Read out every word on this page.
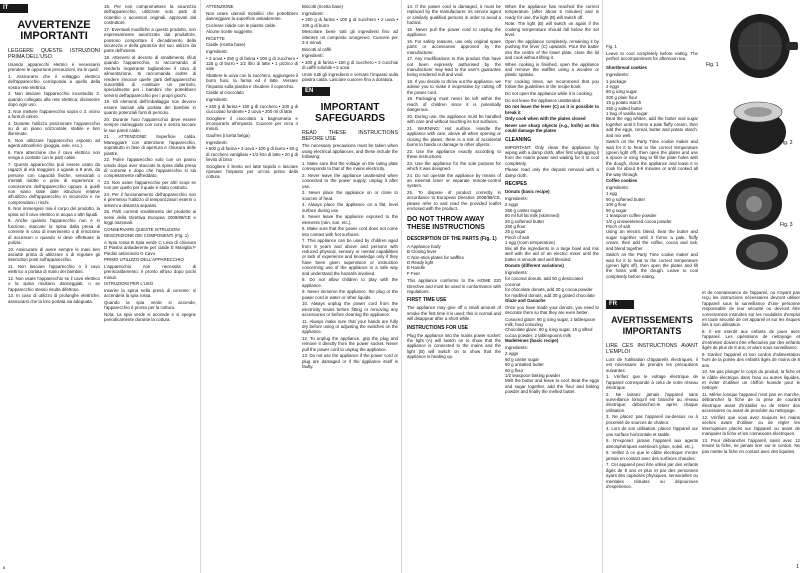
IT
AVVERTENZE IMPORTANTI
LEGGERE QUESTE ISTRUZIONI PRIMA DELL'USO.
Usando apparecchi elettrici è necessario prendere le opportune precauzioni, tra le quali:
1. Assicurarsi che il voltaggio elettrico dell'apparecchio corrisponda a quello della vostra rete elettrica.
2. Non lasciare l'apparecchio incustodito 2. quando collegato alla rete elettrica; disinserire dopo ogni uso.
3. Non mettere l'apparecchio sopra o 3. vicino a fonti di calore.
4. Durante l'utilizzo posizionare l'apparecchio su di un piano orizzontale, stabile e ben illuminato.
5. Non utilizzare l'apparecchio esposto ad agenti atmosferici (pioggia, sole, ecc.).
6. Fare attenzione che il cavo elettrico non venga a contatto con le parti calde.
7. Questo apparecchio può essere usato da ragazzi di età maggiore o uguale a 8 anni, da persone con capacità fisiche, sensoriali o mentali ridotte o prive di esperienza o conoscenza dell'apparecchio oppure a quelli non siano state date istruzioni relative all'utilizzo dell'apparecchio in sicurezza e ne comprendano i rischi.
8. Non immergere mai il corpo del prodotto, la spina ed il cavo elettrico in acqua o altri liquidi.
9. Anche quando l'apparecchio non è in funzione, staccare la spina dalla presa di corrente in caso di inserimento o di rimozione di accessori o quando si deve effettuare la pulizia.
10. Assicurarsi di avere sempre le mani ben asciutte prima di utilizzare o di regolare gli interruttori posti sull'apparecchio.
11. Non lasciare l'apparecchio o il cavo elettrico a portata di mano dei bambini.
12. Non usare l'apparecchio se il cavo elettrico o la spina risultano danneggiati, o se l'apparecchio stesso risulta difettoso.
13. In caso di utilizzo di prolunghe elettriche, assicurarsi che la loro portata sia adeguata.
16. Per non compromettere la sicurezza dell'apparecchio, utilizzare solo parti di ricambio o accessori originali, approvati dal costruttore.
17. Eventuali modifiche a questo prodotto, non espressamente autorizzate dal produttore, possono comportare il decadimento della sicurezza e della garanzia del suo utilizzo da parte dell'utente.
18. Attenersi al decreto di smaltimento rifiuti quando l'apparecchio, si raccomanda di renderlo inoperante tagliandone il cavo di alimentazione. Si raccomanda inoltre di rendere innocue quelle parti dell'apparecchio suscettibili di costituire un pericolo, specialmente per i bambini che potrebbero servirsi dell'apparecchio per i propri giochi.
19. Gli elementi dell'imballaggio non devono essere lasciati alla portata dei bambini in quanto potenziali fonti di pericolo.
20. Durante l'uso l'apparecchio deve essere sempre maneggiato con cura e senza toccare le sue pareti calde.
21. ATTENZIONE: Superficie calda. Maneggiare con attenzione l'apparecchio, soprattutto in fase di apertura e chiusura delle piastre.
22. Pulire l'apparecchio solo con un panno umido dopo aver staccato la spina dalla presa di corrente e dopo che l'apparecchio si sia completamente raffreddato.
23. Non usare l'apparecchio per altri scopi se non per quello per il quale è stato costruito.
24. Per il funzionamento dell'apparecchio non è permesso l'utilizzo di temporizzatori esterni o sistemi a distanza separati.
25. Parti correnti smaltimento del prodotto ai sensi della Direttiva Europea 2008/98/CE e leggi nazionali.
CONSERVARE QUESTE ISTRUZIONI
DESCRIZIONE DEI COMPONENTI (Fig. 1)
A Spia rossa B Spia verde C Leva di chiusura D Piastra antiaderente per cialde E Maniglia F Piedini antiscivolo G Cavo
PRIMO UTILIZZO DELL'APPARECCHIO
L'apparecchio non necessita di preriscaldamento: è pronto all'uso dopo pochi minuti.
ISTRUZIONI PER L'USO
Inserire la spina nella presa di corrente: si accenderà la spia rossa.
Quando la spia verde si accende, l'apparecchio è pronto per la cottura.
Nota: La spia verde si accende e si spegne periodicamente durante la cottura.
8
ATTENZIONE
Non usare utensili metallici che potrebbero danneggiare la superficie antiaderente.
Cucinare cialde con le piastre calde.
Alcune ricette suggerite.
RICETTE
Cialde (ricetta base)
Ingredienti:
• 3 uova • 250 g di farina • 100 g di zucchero • 125 g di burro • 1/2 litro di latte • 1 pizzico di sale
Sbattere le uova con lo zucchero, aggiungere il burro fuso, la farina ed il latte. Versare l'impasto sulla piastra e chiudere il coperchio.
Cialde al cioccolato
Ingredienti:
• 250 g di farina • 150 g di zucchero • 100 g di cioccolato fondente • 2 uova • 200 ml di latte
Sciogliere il cioccolato a bagnomaria e incorporarlo all'impasto. Cuocere per circa 4 minuti.
Gaufres (ricetta belga)
Ingredienti:
• 500 g di farina • 3 uova • 100 g di burro • 50 g di zucchero vanigliato • 1/2 litro di latte • 20 g di lievito di birra
Sciogliere il lievito nel latte tiepido e lasciare riposare l'impasto per un'ora prima della cottura.
Biscotti (ricetta base)
Ingredienti:
• 200 g di farina • 100 g di zucchero • 2 uova • 100 g di burro
Mescolare bene tutti gli ingredienti fino ad ottenere un composto omogeneo. Cuocere per 3-4 minuti.
Biscotti al caffè
Ingredienti:
• 300 g di farina • 150 g di zucchero • 2 cucchiai di caffè solubile • 3 uova
Unire tutti gli ingredienti e versare l'impasto sulla piastra calda. Lasciare cuocere fino a doratura.
EN
IMPORTANT SAFEGUARDS
READ THESE INSTRUCTIONS BEFORE USE
The necessary precautions must be taken when using electrical appliances, and these include the following:
1. Make sure that the voltage on the rating plate corresponds to that of the mains electricity.
2. Never leave the appliance unattended when connected to the power supply; unplug it after use.
3. Never place the appliance on or close to sources of heat.
4. Always place the appliance on a flat, level surface during use.
5. Never leave the appliance exposed to the elements (rain, sun, etc.).
6. Make sure that the power cord does not come into contact with hot surfaces.
7. This appliance can be used by children aged from 8 years and above and persons with reduced physical, sensory or mental capabilities or lack of experience and knowledge only if they have been given supervision or instruction concerning use of the appliance in a safe way and understand the hazards involved.
8. Do not allow children to play with the appliance.
9. Never immerse the appliance, the plug or the power cord in water or other liquids.
10. Always unplug the power cord from the electricity mains before fitting or removing any accessories or before cleaning the appliance.
11. Always make sure that your hands are fully dry before using or adjusting the switches on the appliance.
12. To unplug the appliance, grip the plug and remove it directly from the power socket. Never pull the power cord to unplug the appliance.
13. Do not use the appliance if the power cord or plug are damaged or if the appliance itself is faulty.
14. If the power cord is damaged, it must be replaced by the manufacturer, its service agent or similarly qualified persons in order to avoid a hazard.
15. Never pull the power cord to unplug the appliance.
16. For safety reasons, use only original spare parts or accessories approved by the manufacturer.
17. Any modifications to this product that have not been expressly authorised by the manufacturer may lead to the user's guarantee being rendered null and void.
18. If you decide to throw out the appliance, we advise you to make it inoperative by cutting off the power cord.
19. Packaging must never be left within the reach of children since it is potentially dangerous.
20. During use, the appliance must be handled with care and without touching its hot surfaces.
21. WARNING: Hot surface. Handle the appliance with care, above all when opening or closing the plates; there is a risk of accidental burns to hands or damage to other objects.
22. Use the appliance exactly according to these instructions.
23. Use the appliance for the sole purpose for which it was designed.
24. Do not operate the appliance by means of an external timer or separate remote-control system.
25. To dispose of product correctly in accordance to European Directive 2008/98/CE, please refer to and read the provided leaflet enclosed with the product.
DO NOT THROW AWAY THESE INSTRUCTIONS
DESCRIPTION OF THE PARTS (Fig. 1)
A Appliance body
B Closing lever
C Non-stick plates for waffles
D Ready light
E Handle
F Feet
This appliance conforms to the HOME 220 Directive and must be used in conformance with regulations.
FIRST TIME USE
The appliance may give off a small amount of smoke the first time it is used; this is normal and will disappear after a short while.
INSTRUCTIONS FOR USE
Plug the appliance into the mains power socket: the light (A) will switch on to show that the appliance is connected to the mains and the light (B) will switch on to show that the appliance is heating up.
When the appliance has reached the correct temperature (after about 5 minutes) and is ready for use, the light (B) will switch off.
Note: The light (B) will switch on again if the cooking temperature should fall below the set level.
Open the appliance completely, remaining it by pushing the lever (C) upwards. Pour the batter into the centre of the lower plate, close the lid and cook without lifting it.
When cooking is finished, open the appliance and remove the waffles using a wooden or plastic spatula.
For cooking times, we recommend that you follow the guidelines in the recipe book.
Do not open the appliance while it is cooking.
Do not leave the appliance unattended.
Do not leave the lever (C) as it is possible to break it
Only cook when with the plates closed
Never use sharp objects (e.g., knife) as this could damage the plates
CLEANING
IMPORTANT: Only clean the appliance by wiping with a damp cloth, after first unplugging it from the mains power and waiting for it to cool completely.
Please read only the deposit removal with a damp cloth.
RECIPES
Donuts (basic recipe)
Ingredients:
2 eggs
250 g caster sugar
80 ml full fat milk (skimmed)
20 g softened butter
250 g flour
25 g sugar
Pinch of salt
1 egg (room temperature)
Mix all the ingredients in a large bowl and mix well with the aid of an electric mixer until the batter is smooth and well blended.
Donuts (different variations)
Ingredients:
for coconut donuts, add 50 g desiccated coconut
for chocolate donuts, add 30 g cocoa powder
for marbled donuts, add 30 g grated chocolate
Glaze and Ganache
Once you have made your donuts, you need to decorate them so that they are even better.
Coloured glaze: 90 g icing sugar, 1 tablespoon milk, food colouring
Chocolate glaze: 90 g icing sugar, 15 g sifted cocoa powder, 2 tablespoons milk
Madeleines (basic recipe)
Ingredients:
2 eggs
60 g caster sugar
60 g unsalted butter
60 g flour
1/2 teaspoon baking powder
Melt the butter and leave to cool. Beat the eggs and sugar together, add the flour and baking powder and finally the melted butter.
Fig. 1
Leave to cool completely before eating. The perfect accompaniment for afternoon tea.
Shortbread cookies
Ingredients:
1 package
2 eggs
80 g icing sugar
200 g plain flour
15 g potato starch
250 g salted butter
1 bag of vanilla sugar
Beat the egg whites, add the butter and sugar together until it forms a pale fluffy cream, then add the eggs, cereal, butter and potato starch, and mix well.
Switch on the Party Time cookie maker and wait for it to heat to the correct temperature (green light off), then open the plates and use a spoon or icing bag to fill the plate holes with the dough, close the appliance and leave it to cook for about 8-9 minutes or until cooked all the way through.
Coffee cookies
Ingredients:
1 egg
90 g softened butter
100 g flour
90 g sugar
1 teaspoon coffee powder
1/2 g unsweetened cocoa powder
Pinch of salt
Using an electric blend, beat the butter and sugar together until it forms a pale, fluffy cream, then add the coffee, cocoa and salt, and blend together.
Switch on the Party Time cookie maker and wait for it to heat to the correct temperature (green light off), then open the plates and fill the holes with the dough. Leave to cool completely before eating.
Fig. 1
Fig. 2
Fig. 3
et de connaissance de l'appareil, ou n'ayant pas reçu les instructions nécessaires devront utiliser l'appareil sous la surveillance d'une personne responsable de leur sécurité ou devront être correctement instruites sur les modalités d'emploi en toute sécurité de cet appareil et sur les risques liés à son utilisation.
8. Il est interdit aux enfants de jouer avec l'appareil. Les opérations de nettoyage et d'entretien doivent être effectuées par des enfants âgés de plus de 8 ans, et alors sous surveillance.
9. Gardez l'appareil et son cordon d'alimentation hors de la portée des enfants âgés de moins de 8 ans.
10. Ne pas plonger le corps du produit, la fiche et le câble électrique dans l'eau ou autres liquides, et éviter d'utiliser un chiffon humide pour le nettoyer.
11. Même lorsque l'appareil n'est pas en marche, débrancher la fiche de la prise de courant électrique avant d'installer ou de retirer des accessoires ou avant de procéder au nettoyage.
12. Vérifiez que vous avez toujours les mains sèches avant d'utiliser ou de régler les interrupteurs placés sur l'appareil ou avant de manipuler la fiche et les connexions électriques.
13. Pour débrancher l'appareil, saisir avec 12 tenant la fiche, ne jamais tirer sur le cordon. Ne pas mettre la fiche en contact avec des liquides.
FR
AVERTISSEMENTS IMPORTANTS
LIRE CES INSTRUCTIONS AVANT L'EMPLOI
Lors de l'utilisation d'appareils électriques, il est nécessaire de prendre les précautions suivantes:
1. Vérifiez que le voltage électrique de l'appareil corresponde à celui de votre réseau électrique.
2. Ne laissez jamais l'appareil sans surveillance lorsqu'il est branché au réseau électrique; débranchez-le après chaque utilisation.
3. Ne placez pas l'appareil au-dessus ou à proximité de sources de chaleur.
4. Lors de son utilisation, placez l'appareil sur une surface horizontale et stable.
5. N'exposez jamais l'appareil aux agents atmosphériques extérieurs (pluie, soleil, etc.).
6. Veillez à ce que le câble électrique n'entre jamais en contact avec des surfaces chaudes.
7. Cet appareil peut être utilisé par des enfants âgés de 8 ans et plus et par des personnes ayant des capacités physiques, sensorielles ou mentales réduites ou dépourvues d'expérience.
1
